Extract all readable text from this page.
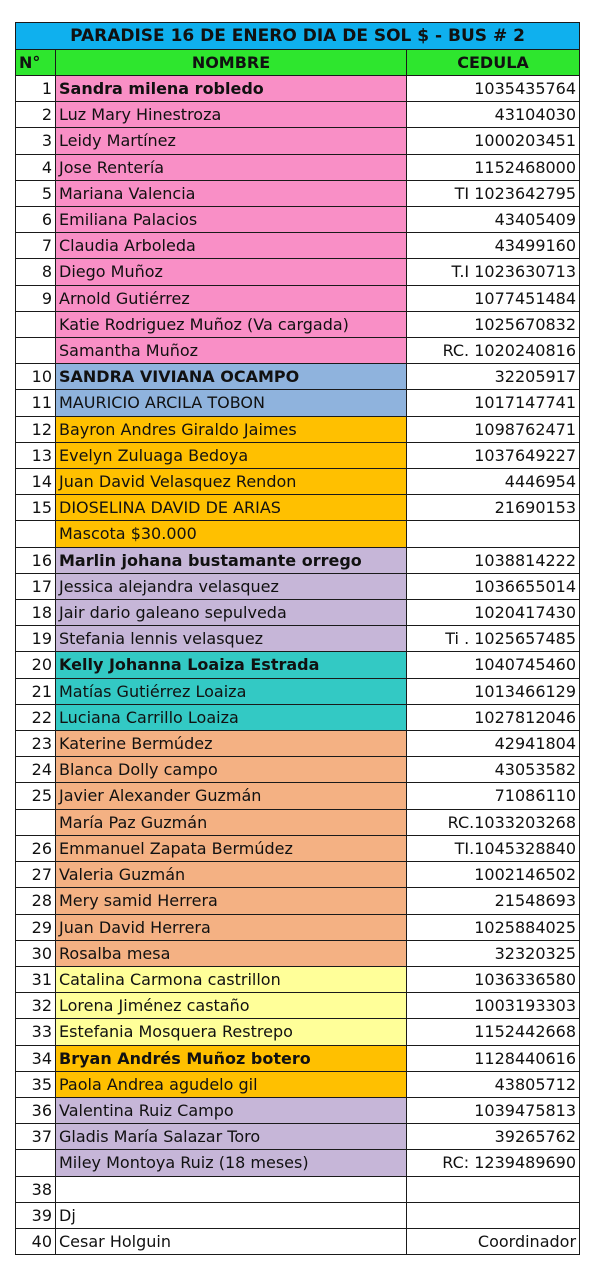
PARADISE 16 DE ENERO DIA DE SOL $ - BUS # 2		
N°	NOMBRE	CEDULA
1	Sandra milena robledo	1035435764
2	Luz Mary Hinestroza	43104030
3	Leidy Martínez	1000203451
4	Jose Rentería	1152468000
5	Mariana Valencia	TI 1023642795
6	Emiliana Palacios	43405409
7	Claudia Arboleda	43499160
8	Diego Muñoz	T.I 1023630713
9	Arnold Gutiérrez	1077451484
	Katie Rodriguez Muñoz (Va cargada)	1025670832
	Samantha Muñoz	RC. 1020240816
10	SANDRA VIVIANA OCAMPO	32205917
11	MAURICIO ARCILA TOBON	1017147741
12	Bayron Andres Giraldo Jaimes	1098762471
13	Evelyn Zuluaga Bedoya	1037649227
14	Juan David Velasquez Rendon	4446954
15	DIOSELINA DAVID DE ARIAS	21690153
	Mascota $30.000	
16	Marlin johana bustamante orrego	1038814222
17	Jessica alejandra velasquez	1036655014
18	Jair dario galeano sepulveda	1020417430
19	Stefania lennis velasquez	Ti . 1025657485
20	Kelly Johanna Loaiza Estrada	1040745460
21	Matías Gutiérrez Loaiza	1013466129
22	Luciana Carrillo Loaiza	1027812046
23	Katerine Bermúdez	42941804
24	Blanca Dolly campo	43053582
25	Javier Alexander Guzmán	71086110
	María Paz Guzmán	RC.1033203268
26	Emmanuel Zapata Bermúdez	TI.1045328840
27	Valeria Guzmán	1002146502
28	Mery samid Herrera	21548693
29	Juan David Herrera	1025884025
30	Rosalba mesa	32320325
31	Catalina Carmona castrillon	1036336580
32	Lorena Jiménez castaño	1003193303
33	Estefania Mosquera Restrepo	1152442668
34	Bryan Andrés Muñoz botero	1128440616
35	Paola Andrea agudelo gil	43805712
36	Valentina Ruiz Campo	1039475813
37	Gladis María Salazar Toro	39265762
	Miley Montoya Ruiz (18 meses)	RC: 1239489690
38		
39	Dj	
40	Cesar Holguin	Coordinador
